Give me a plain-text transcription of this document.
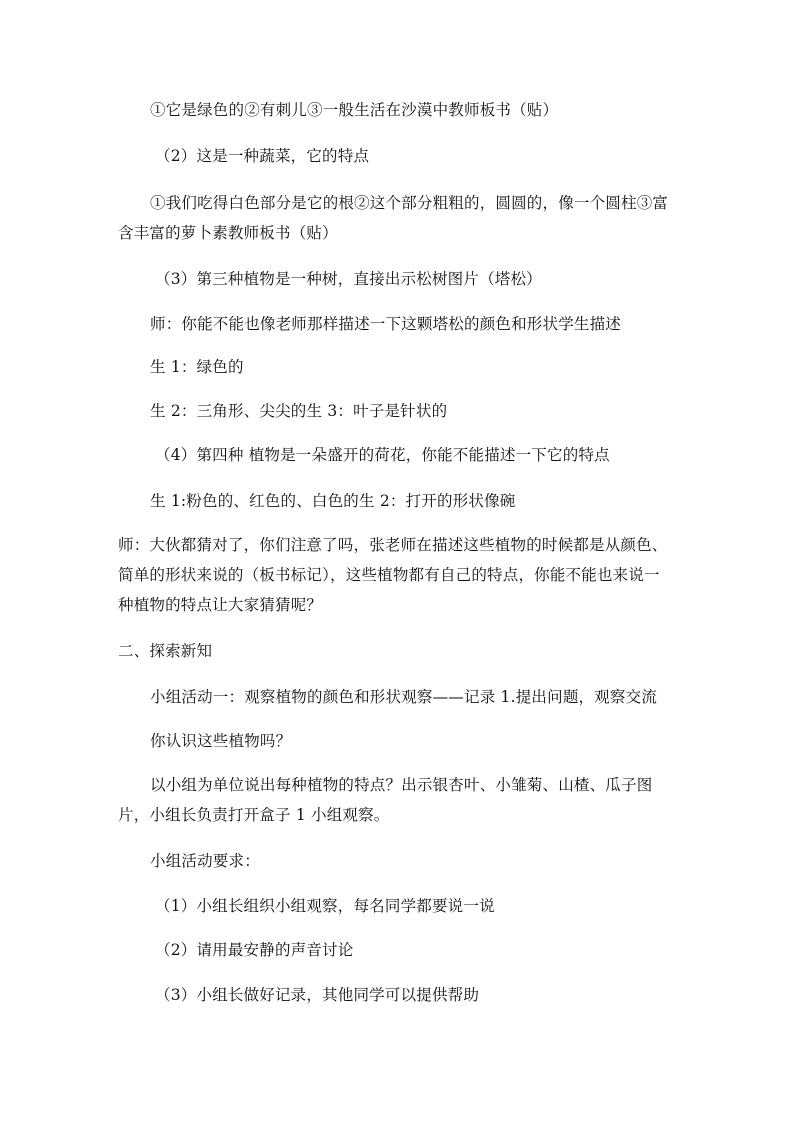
①它是绿色的②有刺儿③一般生活在沙漠中教师板书（贴）
（2）这是一种蔬菜，它的特点
①我们吃得白色部分是它的根②这个部分粗粗的，圆圆的，像一个圆柱③富
含丰富的萝卜素教师板书（贴）
（3）第三种植物是一种树，直接出示松树图片（塔松）
师：你能不能也像老师那样描述一下这颗塔松的颜色和形状学生描述
生 1：绿色的
生 2：三角形、尖尖的生 3：叶子是针状的
（4）第四种 植物是一朵盛开的荷花，你能不能描述一下它的特点
生 1:粉色的、红色的、白色的生 2：打开的形状像碗
师：大伙都猜对了，你们注意了吗，张老师在描述这些植物的时候都是从颜色、
简单的形状来说的（板书标记），这些植物都有自己的特点，你能不能也来说一
种植物的特点让大家猜猜呢？
二、探索新知
小组活动一：观察植物的颜色和形状观察——记录 1.提出问题，观察交流
你认识这些植物吗？
以小组为单位说出每种植物的特点？出示银杏叶、小雏菊、山楂、瓜子图
片，小组长负责打开盒子 1 小组观察。
小组活动要求：
（1）小组长组织小组观察，每名同学都要说一说
（2）请用最安静的声音讨论
（3）小组长做好记录，其他同学可以提供帮助
